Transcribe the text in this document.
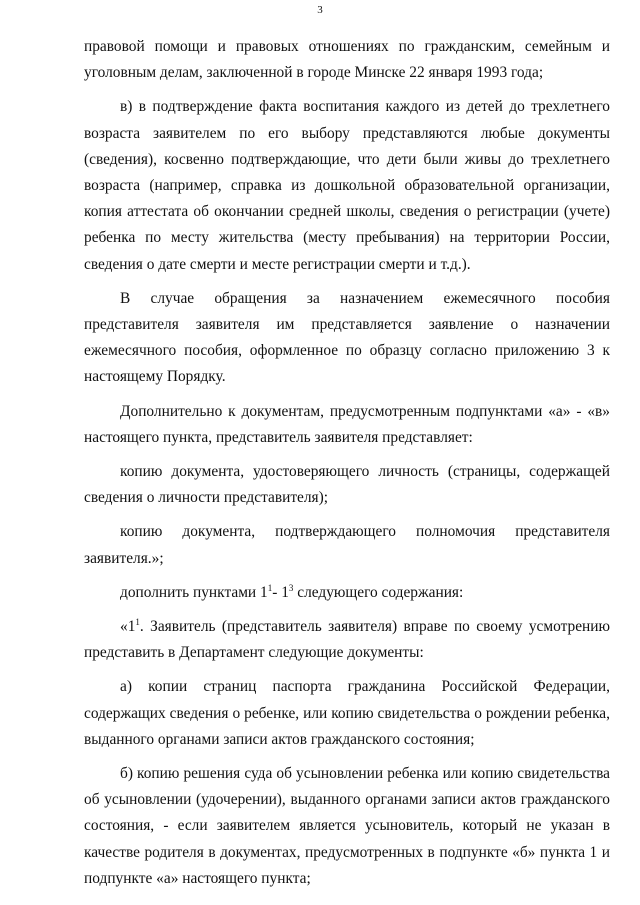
3

правовой помощи и правовых отношениях по гражданским, семейным и уголовным делам, заключенной в городе Минске 22 января 1993 года;

в) в подтверждение факта воспитания каждого из детей до трехлетнего возраста заявителем по его выбору представляются любые документы (сведения), косвенно подтверждающие, что дети были живы до трехлетнего возраста (например, справка из дошкольной образовательной организации, копия аттестата об окончании средней школы, сведения о регистрации (учете) ребенка по месту жительства (месту пребывания) на территории России, сведения о дате смерти и месте регистрации смерти и т.д.).

В случае обращения за назначением ежемесячного пособия представителя заявителя им представляется заявление о назначении ежемесячного пособия, оформленное по образцу согласно приложению 3 к настоящему Порядку.

Дополнительно к документам, предусмотренным подпунктами «а» - «в» настоящего пункта, представитель заявителя представляет:

копию документа, удостоверяющего личность (страницы, содержащей сведения о личности представителя);

копию документа, подтверждающего полномочия представителя заявителя.»;

дополнить пунктами $1^1-$ $1^3$ следующего содержания:

«$1^1$. Заявитель (представитель заявителя) вправе по своему усмотрению представить в Департамент следующие документы:

а) копии страниц паспорта гражданина Российской Федерации, содержащих сведения о ребенке, или копию свидетельства о рождении ребенка, выданного органами записи актов гражданского состояния;

б) копию решения суда об усыновлении ребенка или копию свидетельства об усыновлении (удочерении), выданного органами записи актов гражданского состояния, - если заявителем является усыновитель, который не указан в качестве родителя в документах, предусмотренных в подпункте «б» пункта 1 и подпункте «а» настоящего пункта;
